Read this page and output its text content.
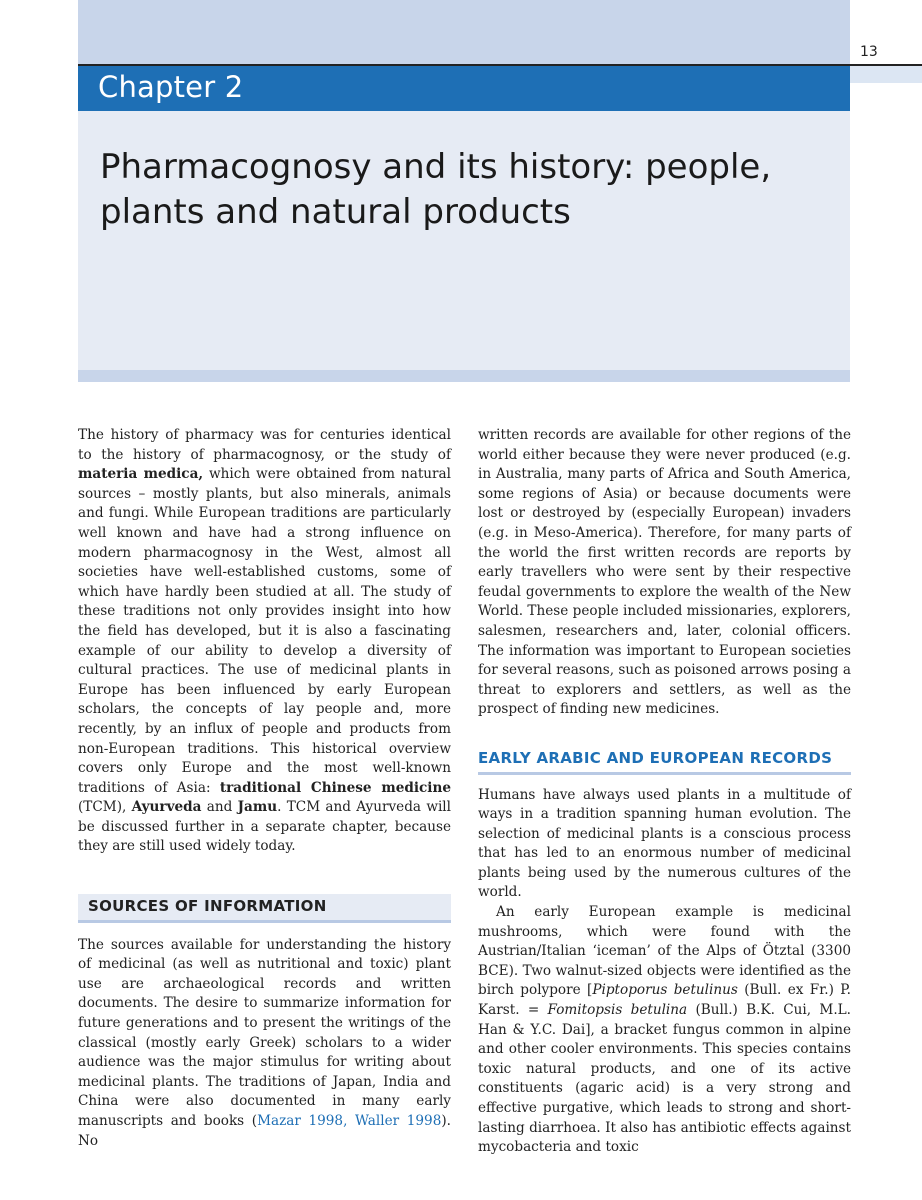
13
Chapter 2
Pharmacognosy and its history: people, plants and natural products

The history of pharmacy was for centuries identical to the history of pharmacognosy, or the study of materia medica, which were obtained from natural sources – mostly plants, but also minerals, animals and fungi. While European traditions are particularly well known and have had a strong influence on modern pharmacognosy in the West, almost all societies have well-established customs, some of which have hardly been studied at all. The study of these traditions not only provides insight into how the field has developed, but it is also a fascinating example of our ability to develop a diversity of cultural practices. The use of medicinal plants in Europe has been influenced by early European scholars, the concepts of lay people and, more recently, by an influx of people and products from non-European traditions. This historical overview covers only Europe and the most well-known traditions of Asia: traditional Chinese medicine (TCM), Ayurveda and Jamu. TCM and Ayurveda will be discussed further in a separate chapter, because they are still used widely today.

SOURCES OF INFORMATION

The sources available for understanding the history of medicinal (as well as nutritional and toxic) plant use are archaeological records and written documents. The desire to summarize information for future generations and to present the writings of the classical (mostly early Greek) scholars to a wider audience was the major stimulus for writing about medicinal plants. The traditions of Japan, India and China were also documented in many early manuscripts and books (Mazar 1998, Waller 1998). No

written records are available for other regions of the world either because they were never produced (e.g. in Australia, many parts of Africa and South America, some regions of Asia) or because documents were lost or destroyed by (especially European) invaders (e.g. in Meso-America). Therefore, for many parts of the world the first written records are reports by early travellers who were sent by their respective feudal governments to explore the wealth of the New World. These people included missionaries, explorers, salesmen, researchers and, later, colonial officers. The information was important to European societies for several reasons, such as poisoned arrows posing a threat to explorers and settlers, as well as the prospect of finding new medicines.

EARLY ARABIC AND EUROPEAN RECORDS

Humans have always used plants in a multitude of ways in a tradition spanning human evolution. The selection of medicinal plants is a conscious process that has led to an enormous number of medicinal plants being used by the numerous cultures of the world.

An early European example is medicinal mushrooms, which were found with the Austrian/Italian ‘iceman’ of the Alps of Ötztal (3300 BCE). Two walnut-sized objects were identified as the birch polypore [Piptoporus betulinus (Bull. ex Fr.) P. Karst. = Fomitopsis betulina (Bull.) B.K. Cui, M.L. Han & Y.C. Dai], a bracket fungus common in alpine and other cooler environments. This species contains toxic natural products, and one of its active constituents (agaric acid) is a very strong and effective purgative, which leads to strong and short-lasting diarrhoea. It also has antibiotic effects against mycobacteria and toxic
